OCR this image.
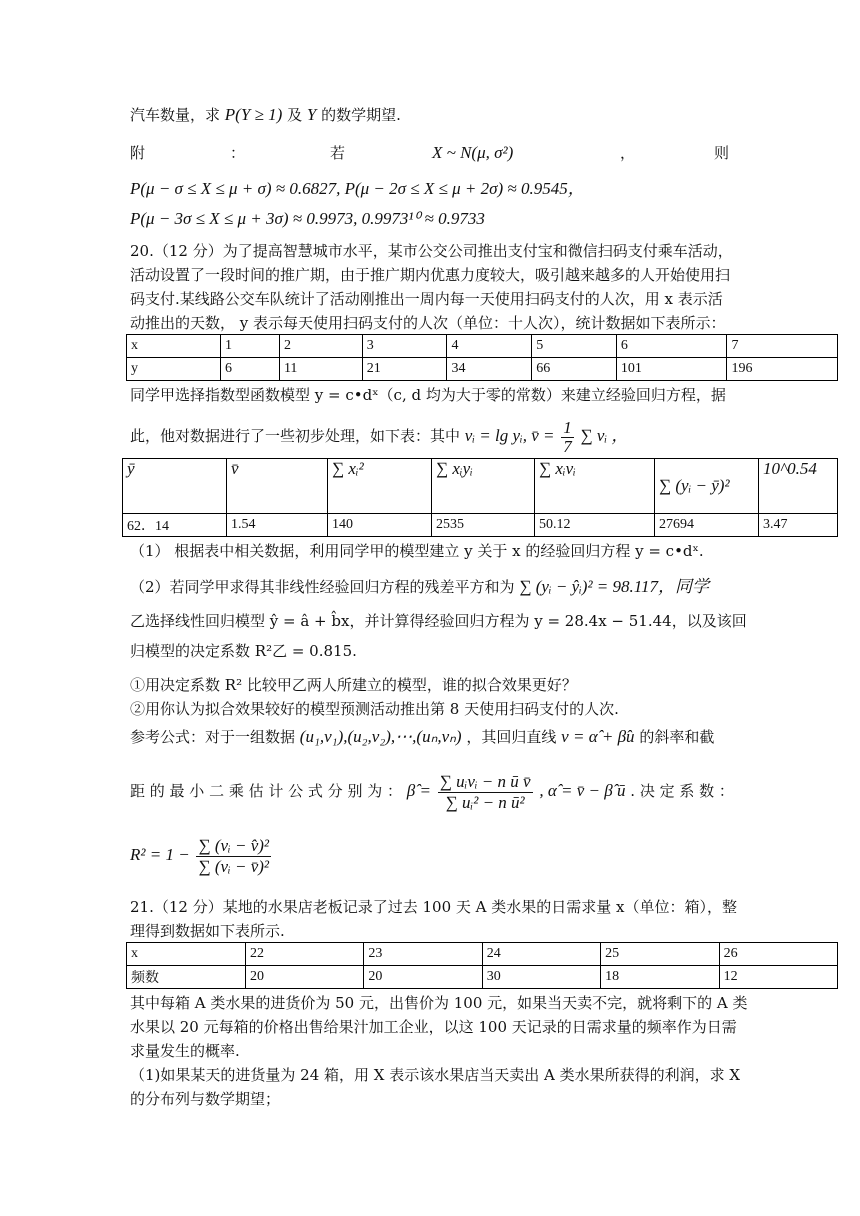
汽车数量，求 P(Y ≥ 1) 及 Y 的数学期望.
附	：	若	X ~ N(μ, σ²)	，	则
P(μ − σ ≤ X ≤ μ + σ) ≈ 0.6827, P(μ − 2σ ≤ X ≤ μ + 2σ) ≈ 0.9545，
P(μ − 3σ ≤ X ≤ μ + 3σ) ≈ 0.9973, 0.9973¹⁰ ≈ 0.9733
20.（12 分）为了提高智慧城市水平，某市公交公司推出支付宝和微信扫码支付乘车活动，
活动设置了一段时间的推广期，由于推广期内优惠力度较大，吸引越来越多的人开始使用扫
码支付.某线路公交车队统计了活动刚推出一周内每一天使用扫码支付的人次，用 x 表示活
动推出的天数， y 表示每天使用扫码支付的人次（单位：十人次），统计数据如下表所示：
x	1	2	3	4	5	6	7
y	6	11	21	34	66	101	196
同学甲选择指数型函数模型 y = c•dˣ（c, d 均为大于零的常数）来建立经验回归方程，据
此，他对数据进行了一些初步处理，如下表：其中 vᵢ = lg yᵢ, v̄ = $\frac{1}{7}$ ∑ vᵢ ，
ȳ	v̄	∑ xᵢ²	∑ xᵢyᵢ	∑ xᵢvᵢ	∑ (yᵢ − ȳ)²	10^0.54
62．14	1.54	140	2535	50.12	27694	3.47
（1） 根据表中相关数据，利用同学甲的模型建立 y 关于 x 的经验回归方程 y = c•dˣ.
（2）若同学甲求得其非线性经验回归方程的残差平方和为 ∑ (yᵢ − ŷᵢ)² = 98.117，同学
乙选择线性回归模型 ŷ = â + b̂x，并计算得经验回归方程为 y = 28.4x − 51.44，以及该回
归模型的决定系数 R²乙 = 0.815.
①用决定系数 R² 比较甲乙两人所建立的模型，谁的拟合效果更好？
②用你认为拟合效果较好的模型预测活动推出第 8 天使用扫码支付的人次.
参考公式：对于一组数据 (u₁,v₁),(u₂,v₂),⋯,(uₙ,vₙ) ，其回归直线 v = α̂ + β̂u 的斜率和截
距 的 最 小 二 乘 估 计 公 式 分 别 为 ： β̂ = $\frac{\text{∑ uᵢvᵢ − n ū v̄}}{\text{∑ uᵢ² − n ū²}}$ , α̂ = v̄ − β̂ ū . 决 定 系 数 ：
$R^2 = 1 - \frac{\text{∑ (vᵢ − v̂)²}}{\text{∑ (vᵢ − v̄)²}}$
21.（12 分）某地的水果店老板记录了过去 100 天 A 类水果的日需求量 x（单位：箱），整
理得到数据如下表所示.
x	22	23	24	25	26
频数	20	20	30	18	12
其中每箱 A 类水果的进货价为 50 元，出售价为 100 元，如果当天卖不完，就将剩下的 A 类
水果以 20 元每箱的价格出售给果汁加工企业，以这 100 天记录的日需求量的频率作为日需
求量发生的概率.
（1)如果某天的进货量为 24 箱，用 X 表示该水果店当天卖出 A 类水果所获得的利润，求 X
的分布列与数学期望；
